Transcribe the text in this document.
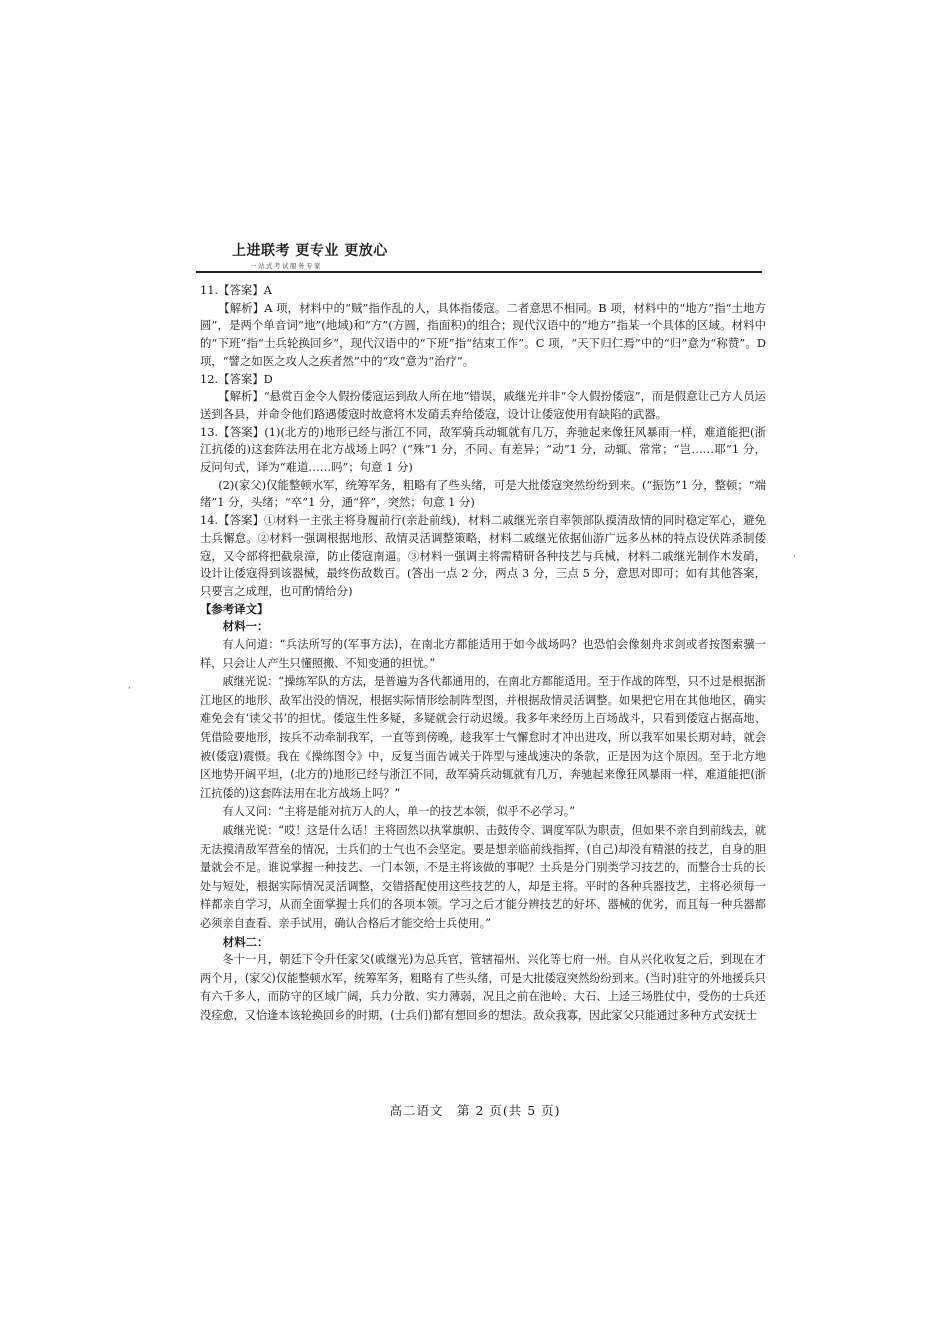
上进联考 更专业 更放心
一站式考试服务专家

11.【答案】A

【解析】A 项，材料中的“贼”指作乱的人，具体指倭寇。二者意思不相同。B 项，材料中的“地方”指“土地方圆”，是两个单音词“地”(地域)和“方”(方圆，指面积)的组合；现代汉语中的“地方”指某一个具体的区域。材料中的“下班”指“士兵轮换回乡”，现代汉语中的“下班”指“结束工作”。C 项，“天下归仁焉”中的“归”意为“称赞”。D 项，“譬之如医之攻人之疾者然”中的“攻”意为“治疗”。

12.【答案】D

【解析】“悬赏百金令人假扮倭寇运到敌人所在地”错误，戚继光并非“令人假扮倭寇”，而是假意让己方人员运送到各县，并命令他们路遇倭寇时故意将木发硝丢弃给倭寇，设计让倭寇使用有缺陷的武器。

13.【答案】(1)(北方的)地形已经与浙江不同，敌军骑兵动辄就有几万，奔驰起来像狂风暴雨一样，难道能把(浙江抗倭的)这套阵法用在北方战场上吗？(“殊”1 分，不同、有差异；“动”1 分，动辄、常常；“岂……耶”1 分，反问句式，译为“难道……吗”；句意 1 分)

(2)(家父)仅能整顿水军，统筹军务，粗略有了些头绪，可是大批倭寇突然纷纷到来。(“振饬”1 分，整顿；“端绪”1 分，头绪；“卒”1 分，通“猝”，突然；句意 1 分)

14.【答案】①材料一主张主将身履前行(亲赴前线)，材料二戚继光亲自率领部队摸清敌情的同时稳定军心，避免士兵懈怠。②材料一强调根据地形、敌情灵活调整策略，材料二戚继光依据仙游广远多丛林的特点设伏阵杀制倭寇，又令部将把截泉漳，防止倭寇南逼。③材料一强调主将需精研各种技艺与兵械，材料二戚继光制作木发硝，设计让倭寇得到该器械，最终伤敌数百。(答出一点 2 分，两点 3 分，三点 5 分，意思对即可；如有其他答案，只要言之成理，也可酌情给分)

【参考译文】

材料一：

有人问道：“兵法所写的(军事方法)，在南北方都能适用于如今战场吗？也恐怕会像刻舟求剑或者按图索骥一样，只会让人产生只懂照搬、不知变通的担忧。”

戚继光说：“操练军队的方法，是普遍为各代都通用的，在南北方都能适用。至于作战的阵型，只不过是根据浙江地区的地形、敌军出没的情况，根据实际情形绘制阵型图，并根据敌情灵活调整。如果把它用在其他地区，确实难免会有‘读父书’的担忧。倭寇生性多疑，多疑就会行动迟缓。我多年来经历上百场战斗，只看到倭寇占据高地、凭借险要地形，按兵不动牵制我军，一直等到傍晚，趁我军士气懈怠时才冲出进攻，所以我军如果长期对峙，就会被(倭寇)震慑。我在《操练图令》中，反复当面告诫关于阵型与速战速决的条款，正是因为这个原因。至于北方地区地势开阔平坦，(北方的)地形已经与浙江不同，敌军骑兵动辄就有几万，奔驰起来像狂风暴雨一样，难道能把(浙江抗倭的)这套阵法用在北方战场上吗？”

有人又问：“主将是能对抗万人的人，单一的技艺本领，似乎不必学习。”

戚继光说：“哎！这是什么话！主将固然以执掌旗帜、击鼓传令、调度军队为职责，但如果不亲自到前线去，就无法摸清敌军营垒的情况，士兵们的士气也不会坚定。要是想亲临前线指挥，(自己)却没有精湛的技艺，自身的胆量就会不足。谁说掌握一种技艺、一门本领，不是主将该做的事呢？士兵是分门别类学习技艺的，而整合士兵的长处与短处，根据实际情况灵活调整，交错搭配使用这些技艺的人，却是主将。平时的各种兵器技艺，主将必须每一样都亲自学习，从而全面掌握士兵们的各项本领。学习之后才能分辨技艺的好坏、器械的优劣，而且每一种兵器都必须亲自查看、亲手试用，确认合格后才能交给士兵使用。”

材料二：

冬十一月，朝廷下令升任家父(戚继光)为总兵官，管辖福州、兴化等七府一州。自从兴化收复之后，到现在才两个月，(家父)仅能整顿水军，统筹军务，粗略有了些头绪，可是大批倭寇突然纷纷到来。(当时)驻守的外地援兵只有六千多人，而防守的区域广阔，兵力分散、实力薄弱，况且之前在池岭、大石、上迳三场胜仗中，受伤的士兵还没痊愈，又恰逢本该轮换回乡的时期，(士兵们)都有想回乡的想法。敌众我寡，因此家父只能通过多种方式安抚士

高二语文　第 2 页(共 5 页)
·
·
